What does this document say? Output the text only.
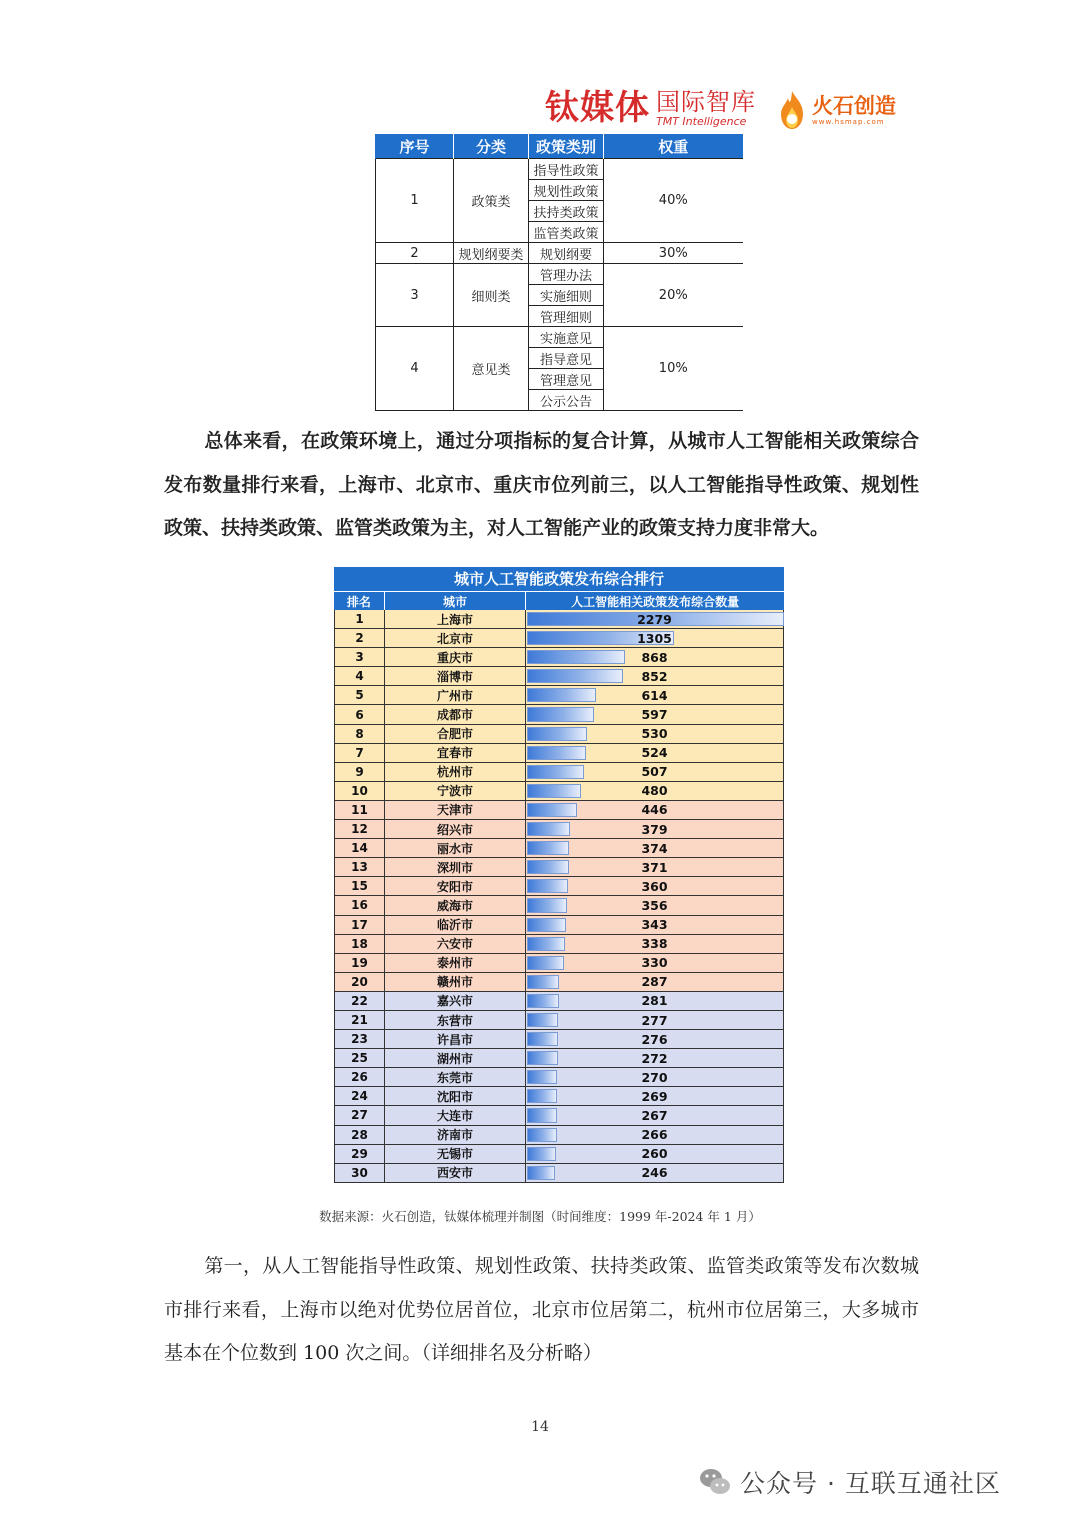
钛媒体 国际智库
TMT Intelligence
火石创造
www.hsmap.com
序号	分类	政策类别	权重
1	政策类	指导性政策	40%
		规划性政策	
		扶持类政策	
		监管类政策	
2	规划纲要类	规划纲要	30%
3	细则类	管理办法	20%
		实施细则	
		管理细则	
4	意见类	实施意见	10%
		指导意见	
		管理意见	
		公示公告	

总体来看，在政策环境上，通过分项指标的复合计算，从城市人工智能相关政策综合发布数量排行来看，上海市、北京市、重庆市位列前三，以人工智能指导性政策、规划性政策、扶持类政策、监管类政策为主，对人工智能产业的政策支持力度非常大。

城市人工智能政策发布综合排行
排名	城市	人工智能相关政策发布综合数量
1	上海市	2279
2	北京市	1305
3	重庆市	868
4	淄博市	852
5	广州市	614
6	成都市	597
8	合肥市	530
7	宜春市	524
9	杭州市	507
10	宁波市	480
11	天津市	446
12	绍兴市	379
14	丽水市	374
13	深圳市	371
15	安阳市	360
16	威海市	356
17	临沂市	343
18	六安市	338
19	泰州市	330
20	赣州市	287
22	嘉兴市	281
21	东营市	277
23	许昌市	276
25	湖州市	272
26	东莞市	270
24	沈阳市	269
27	大连市	267
28	济南市	266
29	无锡市	260
30	西安市	246
数据来源：火石创造，钛媒体梳理并制图（时间维度：1999 年-2024 年 1 月）

第一，从人工智能指导性政策、规划性政策、扶持类政策、监管类政策等发布次数城市排行来看，上海市以绝对优势位居首位，北京市位居第二，杭州市位居第三，大多城市基本在个位数到 100 次之间。（详细排名及分析略）

14
公众号 · 互联互通社区
